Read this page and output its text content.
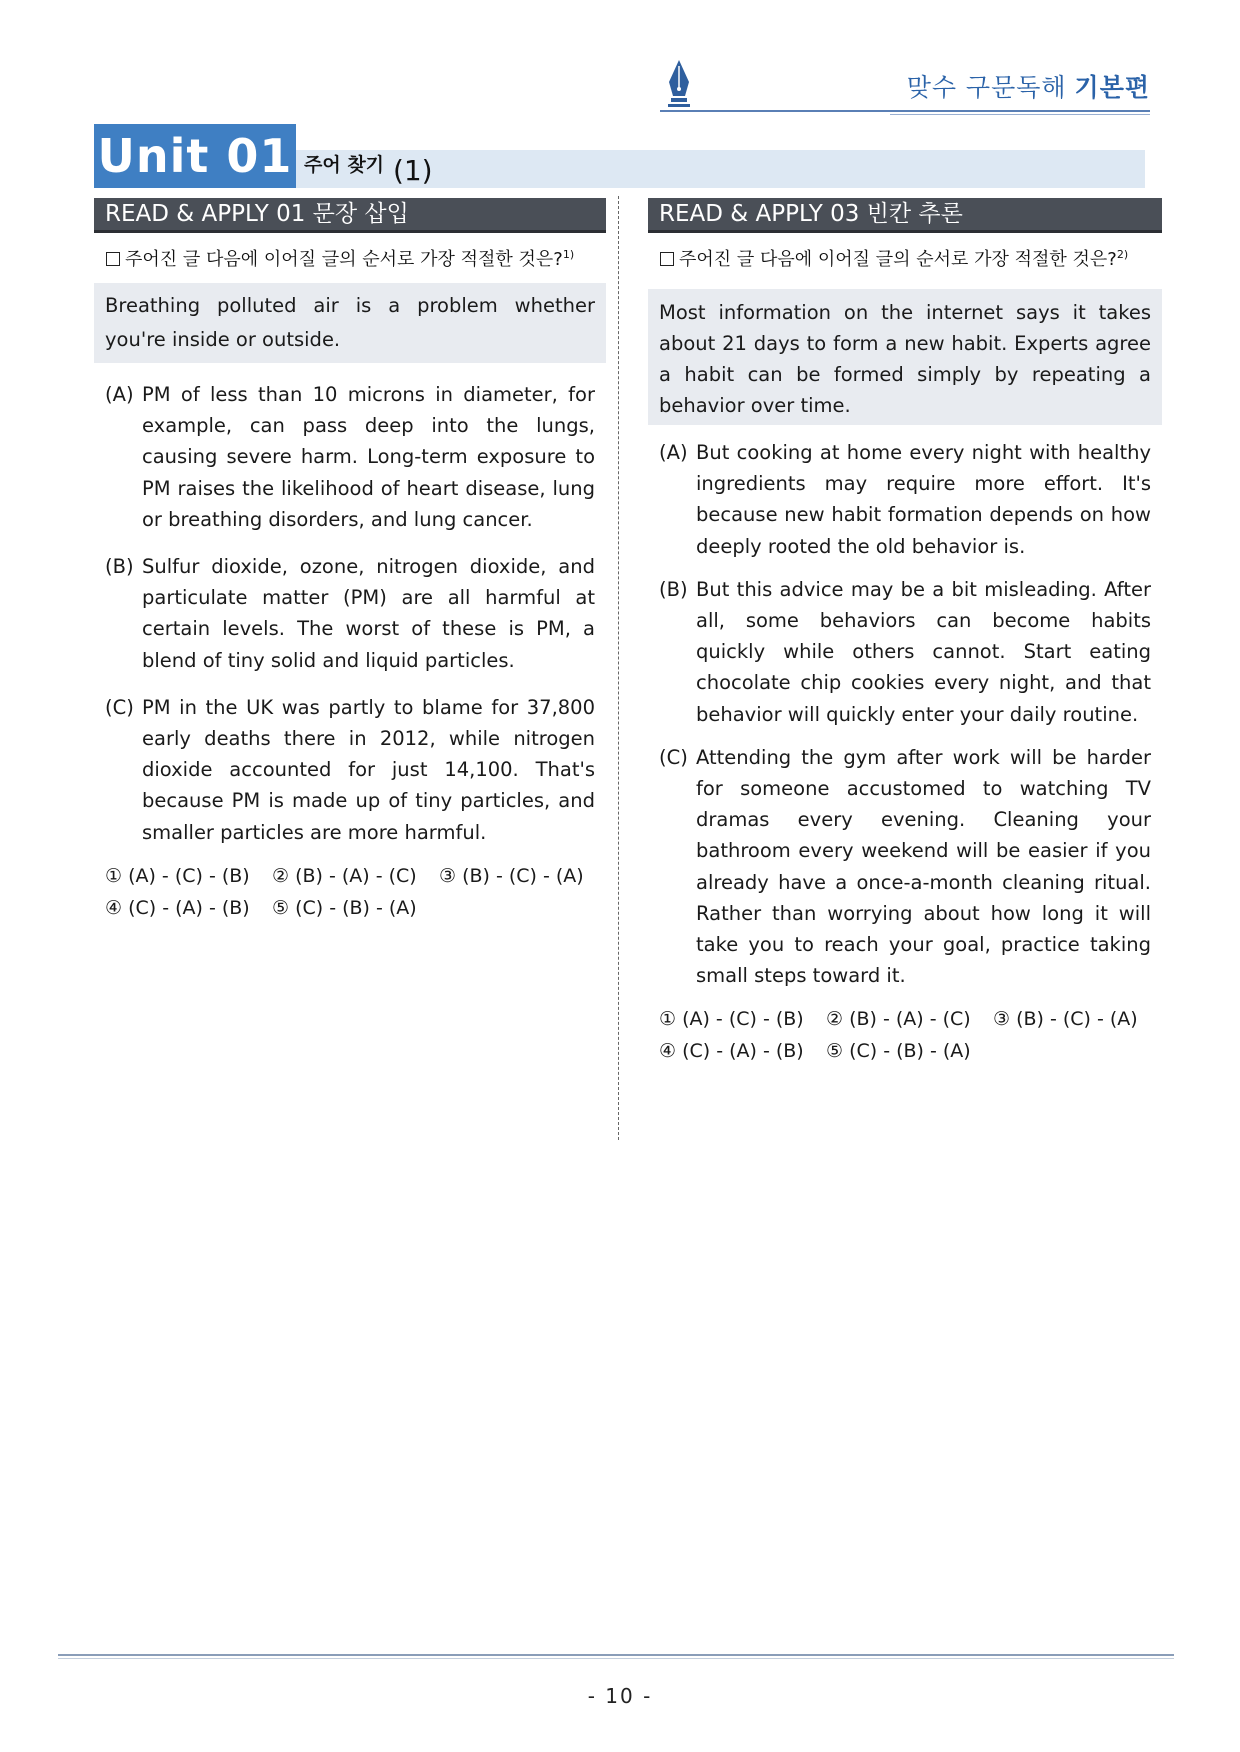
맞수 구문독해 기본편
Unit 01 $^{주어 찾기}$ (1)
READ & APPLY 01 문장 삽입
주어진 글 다음에 이어질 글의 순서로 가장 적절한 것은?$^{1)}$
Breathing polluted air is a problem whether you're inside or outside.
(A) PM of less than 10 microns in diameter, for example, can pass deep into the lungs, causing severe harm. Long-term exposure to PM raises the likelihood of heart disease, lung or breathing disorders, and lung cancer.
(B) Sulfur dioxide, ozone, nitrogen dioxide, and particulate matter (PM) are all harmful at certain levels. The worst of these is PM, a blend of tiny solid and liquid particles.
(C) PM in the UK was partly to blame for 37,800 early deaths there in 2012, while nitrogen dioxide accounted for just 14,100. That's because PM is made up of tiny particles, and smaller particles are more harmful.
① (A) - (C) - (B) ② (B) - (A) - (C) ③ (B) - (C) - (A)
④ (C) - (A) - (B) ⑤ (C) - (B) - (A)
READ & APPLY 03 빈칸 추론
주어진 글 다음에 이어질 글의 순서로 가장 적절한 것은?$^{2)}$
Most information on the internet says it takes about 21 days to form a new habit. Experts agree a habit can be formed simply by repeating a behavior over time.
(A) But cooking at home every night with healthy ingredients may require more effort. It's because new habit formation depends on how deeply rooted the old behavior is.
(B) But this advice may be a bit misleading. After all, some behaviors can become habits quickly while others cannot. Start eating chocolate chip cookies every night, and that behavior will quickly enter your daily routine.
(C) Attending the gym after work will be harder for someone accustomed to watching TV dramas every evening. Cleaning your bathroom every weekend will be easier if you already have a once-a-month cleaning ritual. Rather than worrying about how long it will take you to reach your goal, practice taking small steps toward it.
① (A) - (C) - (B) ② (B) - (A) - (C) ③ (B) - (C) - (A)
④ (C) - (A) - (B) ⑤ (C) - (B) - (A)
- 10 -
